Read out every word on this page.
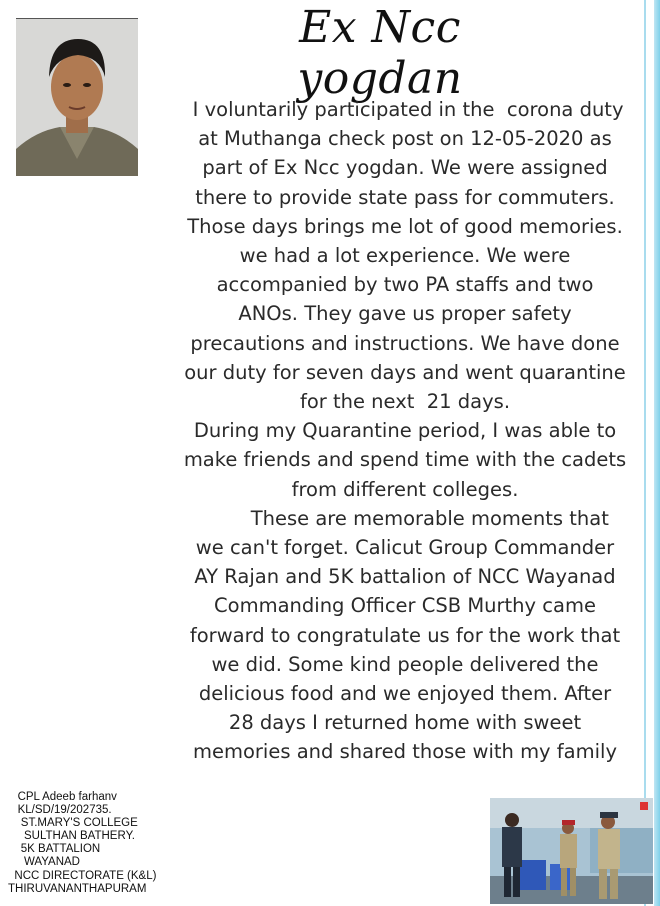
Ex Ncc yogdan
I voluntarily participated in the  corona duty
at Muthanga check post on 12-05-2020 as
part of Ex Ncc yogdan. We were assigned
there to provide state pass for commuters.
Those days brings me lot of good memories.
we had a lot experience. We were
accompanied by two PA staffs and two
ANOs. They gave us proper safety
precautions and instructions. We have done
our duty for seven days and went quarantine
for the next  21 days.
During my Quarantine period, I was able to
make friends and spend time with the cadets
from different colleges.
These are memorable moments that
we can't forget. Calicut Group Commander
AY Rajan and 5K battalion of NCC Wayanad
Commanding Officer CSB Murthy came
forward to congratulate us for the work that
we did. Some kind people delivered the
delicious food and we enjoyed them. After
28 days I returned home with sweet
memories and shared those with my family
CPL Adeeb farhanv
KL/SD/19/202735.
ST.MARY'S COLLEGE
SULTHAN BATHERY.
5K BATTALION
WAYANAD
NCC DIRECTORATE (K&L)
THIRUVANANTHAPURAM
